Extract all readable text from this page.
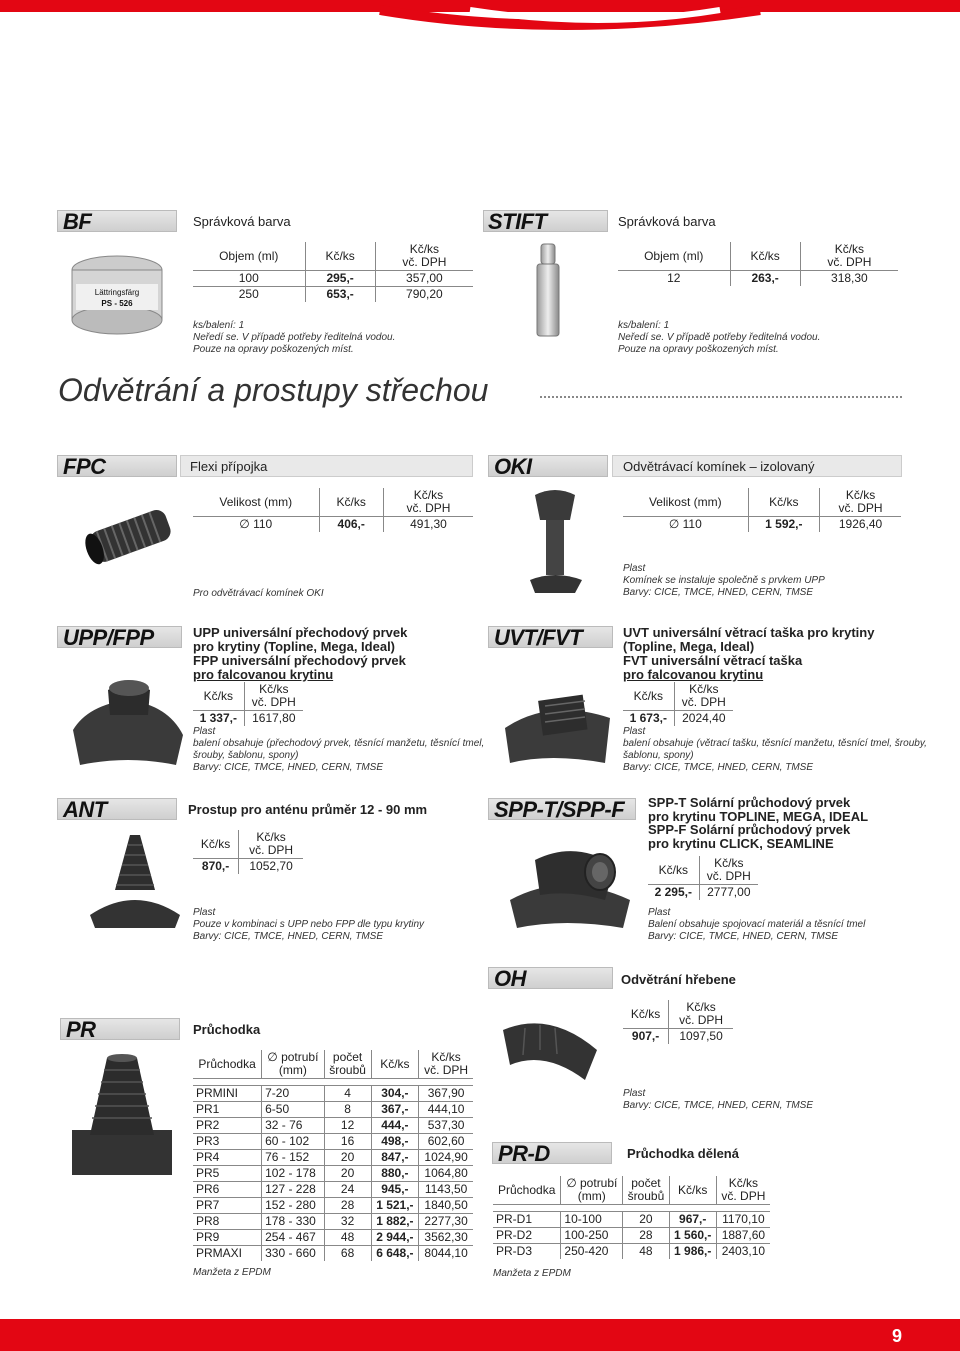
BF	Správková barva
Lättringsfärg
PS - 526
Objem (ml)	Kč/ks	Kč/ks
vč. DPH
100	295,-	357,00
250	653,-	790,20
ks/balení: 1
Neředí se. V případě potřeby ředitelná vodou.
Pouze na opravy poškozených míst.
STIFT	Správková barva
Objem (ml)	Kč/ks	Kč/ks
vč. DPH
12	263,-	318,30
ks/balení: 1
Neředí se. V případě potřeby ředitelná vodou.
Pouze na opravy poškozených míst.
Odvětrání a prostupy střechou
FPC	Flexi přípojka
Velikost (mm)	Kč/ks	Kč/ks
vč. DPH
∅ 110	406,-	491,30
Pro odvětrávací komínek OKI
OKI	Odvětrávací komínek – izolovaný
Velikost (mm)	Kč/ks	Kč/ks
vč. DPH
∅ 110	1 592,-	1926,40
Plast
Komínek se instaluje společně s prvkem UPP
Barvy: CICE, TMCE, HNED, CERN, TMSE
UPP/FPP	UPP universální přechodový prvek
pro krytiny (Topline, Mega, Ideal)
FPP universální přechodový prvek
pro falcovanou krytinu
Kč/ks	Kč/ks
vč. DPH
1 337,-	1617,80
Plast
balení obsahuje (přechodový prvek, těsnící manžetu, těsnící tmel,
šrouby, šablonu, spony)
Barvy: CICE, TMCE, HNED, CERN, TMSE
UVT/FVT	UVT universální větrací taška pro krytiny
(Topline, Mega, Ideal)
FVT universální větrací taška
pro falcovanou krytinu
Kč/ks	Kč/ks
vč. DPH
1 673,-	2024,40
Plast
balení obsahuje (větrací tašku, těsnící manžetu, těsnící tmel, šrouby,
šablonu, spony)
Barvy: CICE, TMCE, HNED, CERN, TMSE
ANT	Prostup pro anténu průměr 12 - 90 mm
Kč/ks	Kč/ks
vč. DPH
870,-	1052,70
Plast
Pouze v kombinaci s UPP nebo FPP dle typu krytiny
Barvy: CICE, TMCE, HNED, CERN, TMSE
SPP-T/SPP-F SPP-T Solární průchodový prvek
pro krytinu TOPLINE, MEGA, IDEAL
SPP-F Solární průchodový prvek
pro krytinu CLICK, SEAMLINE
Kč/ks	Kč/ks
vč. DPH
2 295,-	2777,00
Plast
Balení obsahuje spojovací materiál a těsnící tmel
Barvy: CICE, TMCE, HNED, CERN, TMSE
OH	Odvětrání hřebene
Kč/ks	Kč/ks
vč. DPH
907,-	1097,50
Plast
Barvy: CICE, TMCE, HNED, CERN, TMSE
PR	Průchodka
Průchodka	∅ potrubí
(mm)	počet
šroubů	Kč/ks	Kč/ks
vč. DPH

PRMINI	7-20	4	304,-	367,90
PR1	6-50	8	367,-	444,10
PR2	32 - 76	12	444,-	537,30
PR3	60 - 102	16	498,-	602,60
PR4	76 - 152	20	847,-	1024,90
PR5	102 - 178	20	880,-	1064,80
PR6	127 - 228	24	945,-	1143,50
PR7	152 - 280	28	1 521,-	1840,50
PR8	178 - 330	32	1 882,-	2277,30
PR9	254 - 467	48	2 944,-	3562,30
PRMAXI	330 - 660	68	6 648,-	8044,10
Manžeta z EPDM
PR-D	Průchodka dělená
Průchodka	∅ potrubí
(mm)	počet
šroubů	Kč/ks	Kč/ks
vč. DPH

PR-D1	10-100	20	967,-	1170,10
PR-D2	100-250	28	1 560,-	1887,60
PR-D3	250-420	48	1 986,-	2403,10
Manžeta z EPDM
9
